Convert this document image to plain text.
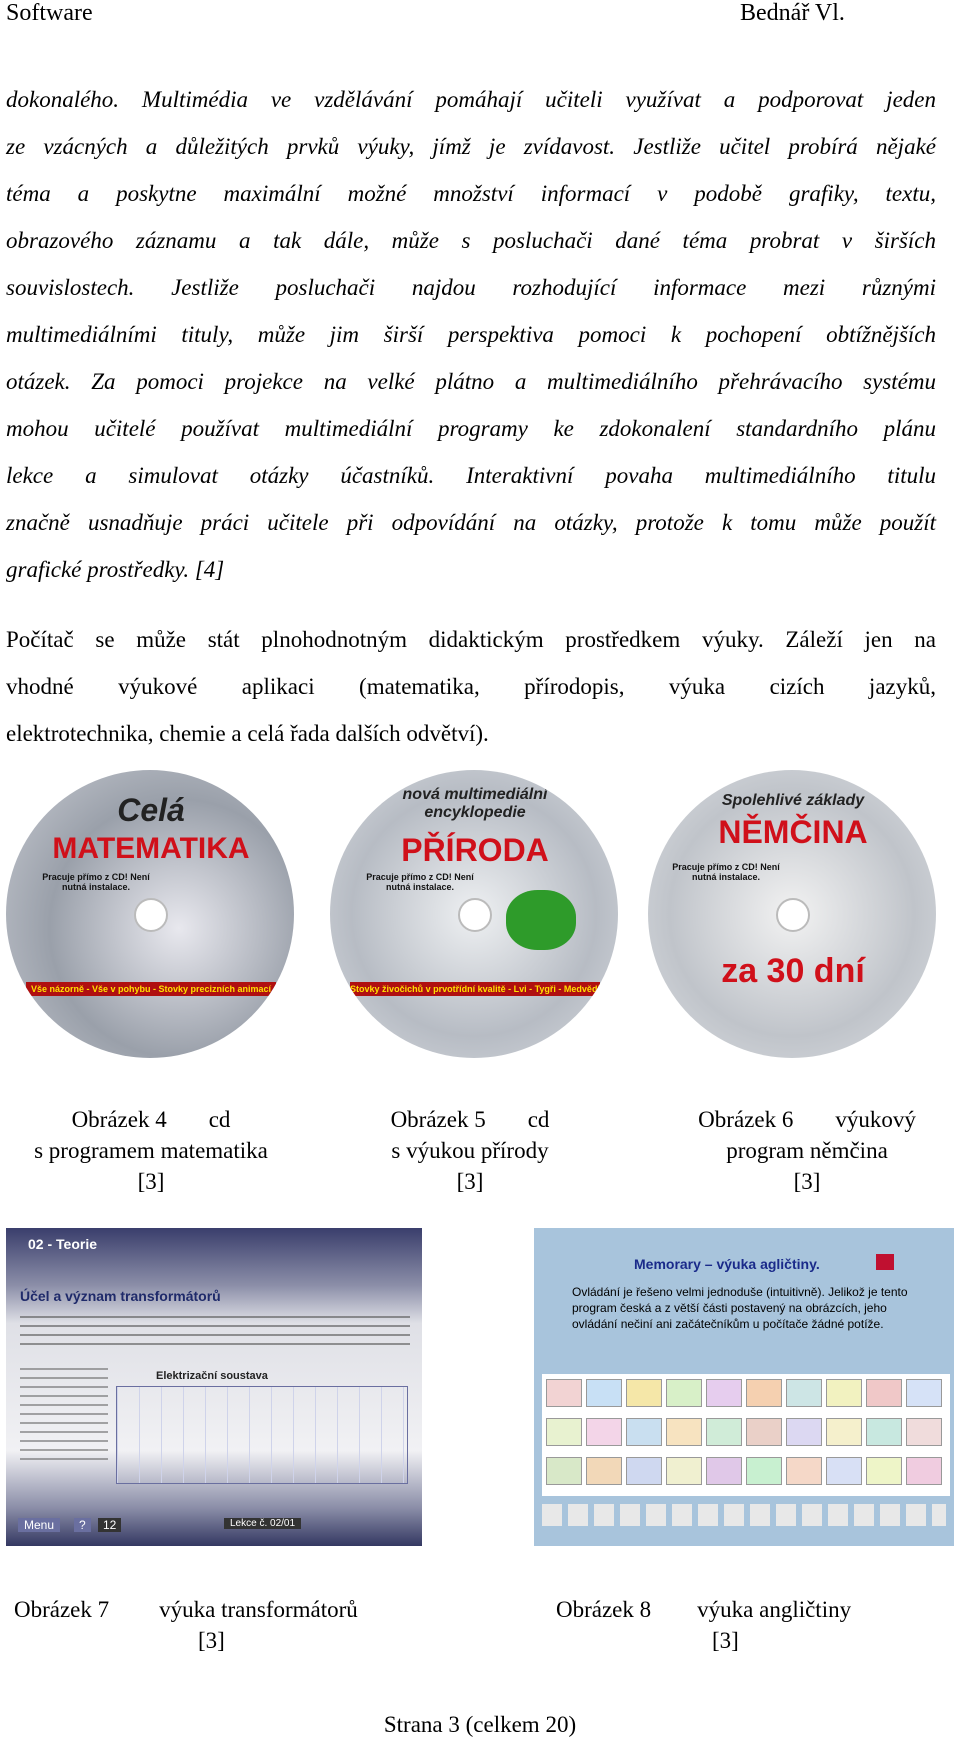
Software	Bednář Vl.
dokonalého. Multimédia ve vzdělávání pomáhají učiteli využívat a podporovat jeden
ze vzácných a důležitých prvků výuky, jímž je zvídavost. Jestliže učitel probírá nějaké
téma a poskytne maximální možné množství informací v podobě grafiky, textu,
obrazového záznamu a tak dále, může s posluchači dané téma probrat v širších
souvislostech. Jestliže posluchači najdou rozhodující informace mezi různými
multimediálními tituly, může jim širší perspektiva pomoci k pochopení obtížnějších
otázek. Za pomoci projekce na velké plátno a multimediálního přehrávacího systému
mohou učitelé používat multimediální programy ke zdokonalení standardního plánu
lekce a simulovat otázky účastníků. Interaktivní povaha multimediálního titulu
značně usnadňuje práci učitele při odpovídání na otázky, protože k tomu může použít
grafické prostředky. [4]
Počítač se může stát plnohodnotným didaktickým prostředkem výuky. Záleží jen na
vhodné výukové aplikaci (matematika, přírodopis, výuka cizích jazyků,
elektrotechnika, chemie a celá řada dalších odvětví).
Celá
MATEMATIKA
Pracuje přímo z CD! Není nutná instalace.
Vše názorně - Vše v pohybu - Stovky precizních animací
nová multimediální encyklopedie
PŘÍRODA
Pracuje přímo z CD! Není nutná instalace.
Stovky živočichů v prvotřídní kvalitě - Lvi - Tygři - Medvědi
Spolehlivé základy
NĚMČINA
Pracuje přímo z CD! Není nutná instalace.
za 30 dní
Obrázek 4 cd
s programem matematika
[3]
Obrázek 5 cd
s výukou přírody
[3]
Obrázek 6 výukový
program němčina
[3]
02 - Teorie
Účel a význam transformátorů
Elektrizační soustava
Menu	?	12	Lekce č. 02/01
Memorary – výuka agličtiny.
Ovládání je řešeno velmi jednoduše (intuitivně). Jelikož je tento program česká a z větší části postavený na obrázcích, jeho ovládání nečiní ani začátečníkům u počítače žádné potíže.

Obrázek 7 výuka transformátorů
[3]
Obrázek 8 výuka angličtiny
[3]
Strana 3 (celkem 20)
